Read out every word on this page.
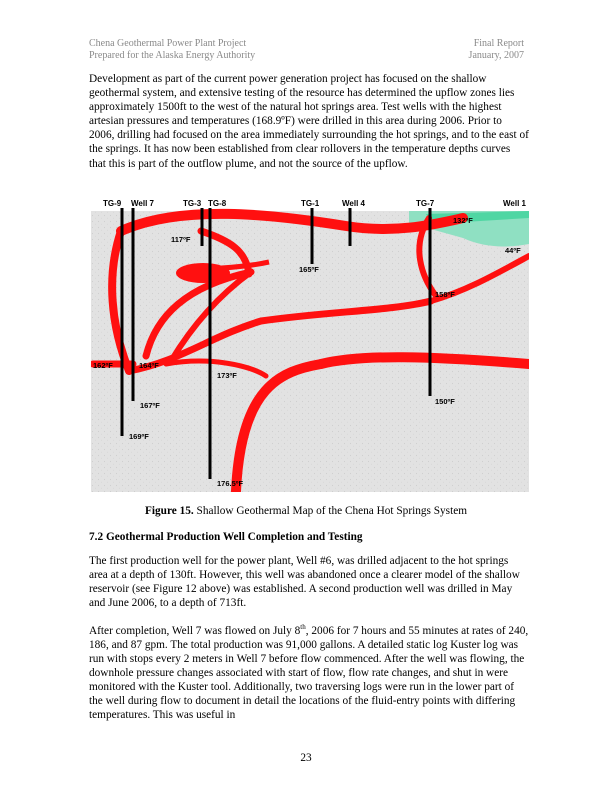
Chena Geothermal Power Plant Project	Final Report
Prepared for the Alaska Energy Authority	January, 2007

Development as part of the current power generation project has focused on the shallow geothermal system, and extensive testing of the resource has determined the upflow zones lies approximately 1500ft to the west of the natural hot springs area. Test wells with the highest artesian pressures and temperatures (168.9ºF) were drilled in this area during 2006. Prior to 2006, drilling had focused on the area immediately surrounding the hot springs, and to the east of the springs. It has now been established from clear rollovers in the temperature depths curves that this is part of the outflow plume, and not the source of the upflow.

TG-9 Well 7	TG-3 TG-8	TG-1	Well 4	TG-7	Well 1
132ºF
44ºF
117ºF
165ºF
158ºF
162ºF	164ºF
173ºF
167ºF	150ºF
169ºF
176.5ºF
Figure 15. Shallow Geothermal Map of the Chena Hot Springs System
7.2 Geothermal Production Well Completion and Testing

The first production well for the power plant, Well #6, was drilled adjacent to the hot springs area at a depth of 130ft. However, this well was abandoned once a clearer model of the shallow reservoir (see Figure 12 above) was established. A second production well was drilled in May and June 2006, to a depth of 713ft.

After completion, Well 7 was flowed on July 8th, 2006 for 7 hours and 55 minutes at rates of 240, 186, and 87 gpm. The total production was 91,000 gallons. A detailed static log Kuster log was run with stops every 2 meters in Well 7 before flow commenced. After the well was flowing, the downhole pressure changes associated with start of flow, flow rate changes, and shut in were monitored with the Kuster tool. Additionally, two traversing logs were run in the lower part of the well during flow to document in detail the locations of the fluid-entry points with differing temperatures. This was useful in

23
